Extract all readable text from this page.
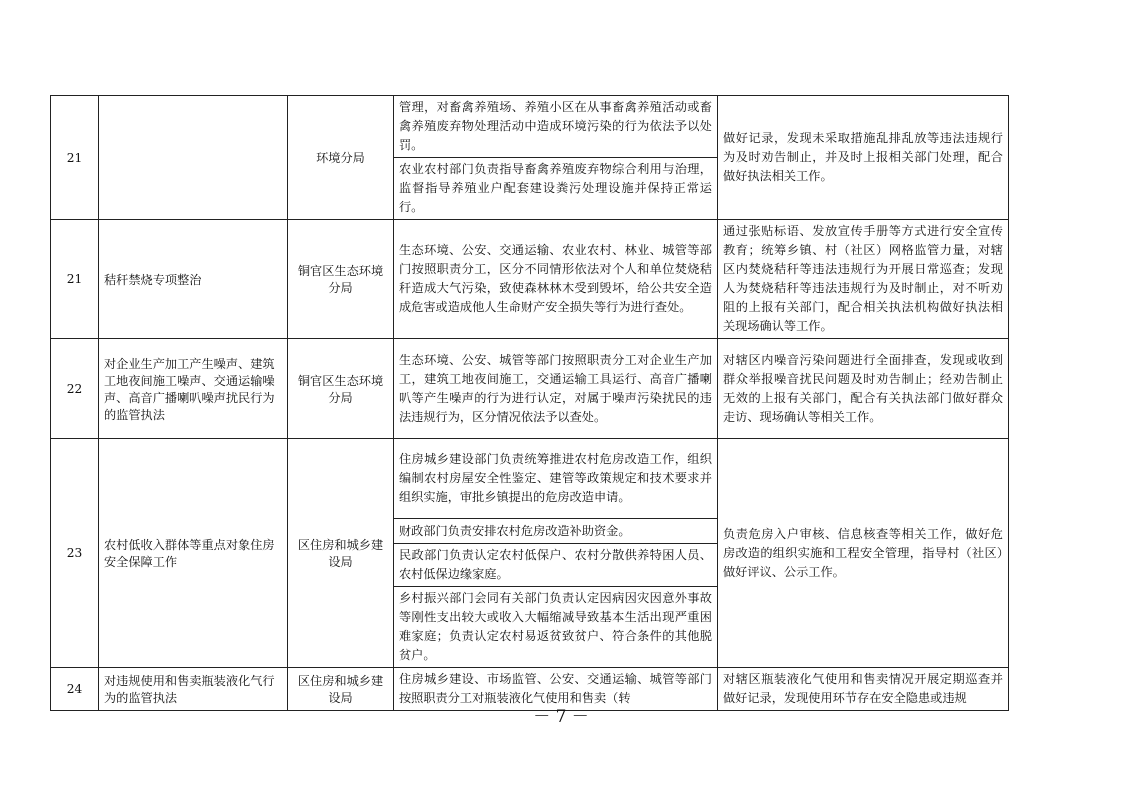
21		环境分局	管理，对畜禽养殖场、养殖小区在从事畜禽养殖活动或畜禽养殖废弃物处理活动中造成环境污染的行为依法予以处罚。	做好记录，发现未采取措施乱排乱放等违法违规行为及时劝告制止，并及时上报相关部门处理，配合做好执法相关工作。
			农业农村部门负责指导畜禽养殖废弃物综合利用与治理，监督指导养殖业户配套建设粪污处理设施并保持正常运行。	
21	秸秆禁烧专项整治	铜官区生态环境分局	生态环境、公安、交通运输、农业农村、林业、城管等部门按照职责分工，区分不同情形依法对个人和单位焚烧秸秆造成大气污染，致使森林林木受到毁坏，给公共安全造成危害或造成他人生命财产安全损失等行为进行查处。	通过张贴标语、发放宣传手册等方式进行安全宣传教育；统筹乡镇、村（社区）网格监管力量，对辖区内焚烧秸秆等违法违规行为开展日常巡查；发现人为焚烧秸秆等违法违规行为及时制止，对不听劝阻的上报有关部门，配合相关执法机构做好执法相关现场确认等工作。
22	对企业生产加工产生噪声、建筑工地夜间施工噪声、交通运输噪声、高音广播喇叭噪声扰民行为的监管执法	铜官区生态环境分局	生态环境、公安、城管等部门按照职责分工对企业生产加工，建筑工地夜间施工，交通运输工具运行、高音广播喇叭等产生噪声的行为进行认定，对属于噪声污染扰民的违法违规行为，区分情况依法予以查处。	对辖区内噪音污染问题进行全面排查，发现或收到群众举报噪音扰民问题及时劝告制止；经劝告制止无效的上报有关部门，配合有关执法部门做好群众走访、现场确认等相关工作。
23	农村低收入群体等重点对象住房安全保障工作	区住房和城乡建设局	住房城乡建设部门负责统筹推进农村危房改造工作，组织编制农村房屋安全性鉴定、建管等政策规定和技术要求并组织实施，审批乡镇提出的危房改造申请。	负责危房入户审核、信息核查等相关工作，做好危房改造的组织实施和工程安全管理，指导村（社区）做好评议、公示工作。
			财政部门负责安排农村危房改造补助资金。	
			民政部门负责认定农村低保户、农村分散供养特困人员、农村低保边缘家庭。	
			乡村振兴部门会同有关部门负责认定因病因灾因意外事故等刚性支出较大或收入大幅缩减导致基本生活出现严重困难家庭；负责认定农村易返贫致贫户、符合条件的其他脱贫户。	
24	对违规使用和售卖瓶装液化气行为的监管执法	区住房和城乡建设局	住房城乡建设、市场监管、公安、交通运输、城管等部门按照职责分工对瓶装液化气使用和售卖（转	对辖区瓶装液化气使用和售卖情况开展定期巡查并做好记录，发现使用环节存在安全隐患或违规
－ 7 －
